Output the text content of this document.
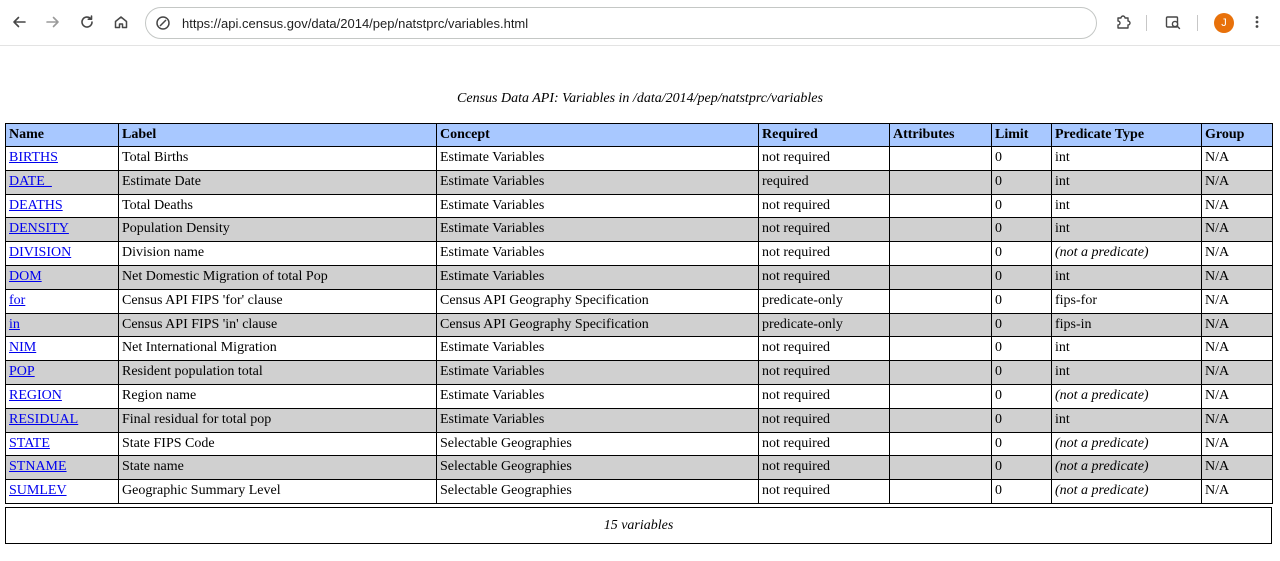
https://api.census.gov/data/2014/pep/natstprc/variables.html	J
Census Data API: Variables in /data/2014/pep/natstprc/variables
Name	Label	Concept	Required	Attributes	Limit	Predicate Type	Group
BIRTHS	Total Births	Estimate Variables	not required		0	int	N/A
DATE_	Estimate Date	Estimate Variables	required		0	int	N/A
DEATHS	Total Deaths	Estimate Variables	not required		0	int	N/A
DENSITY	Population Density	Estimate Variables	not required		0	int	N/A
DIVISION	Division name	Estimate Variables	not required		0	(not a predicate)	N/A
DOM	Net Domestic Migration of total Pop	Estimate Variables	not required		0	int	N/A
for	Census API FIPS 'for' clause	Census API Geography Specification	predicate-only		0	fips-for	N/A
in	Census API FIPS 'in' clause	Census API Geography Specification	predicate-only		0	fips-in	N/A
NIM	Net International Migration	Estimate Variables	not required		0	int	N/A
POP	Resident population total	Estimate Variables	not required		0	int	N/A
REGION	Region name	Estimate Variables	not required		0	(not a predicate)	N/A
RESIDUAL	Final residual for total pop	Estimate Variables	not required		0	int	N/A
STATE	State FIPS Code	Selectable Geographies	not required		0	(not a predicate)	N/A
STNAME	State name	Selectable Geographies	not required		0	(not a predicate)	N/A
SUMLEV	Geographic Summary Level	Selectable Geographies	not required		0	(not a predicate)	N/A
15 variables
